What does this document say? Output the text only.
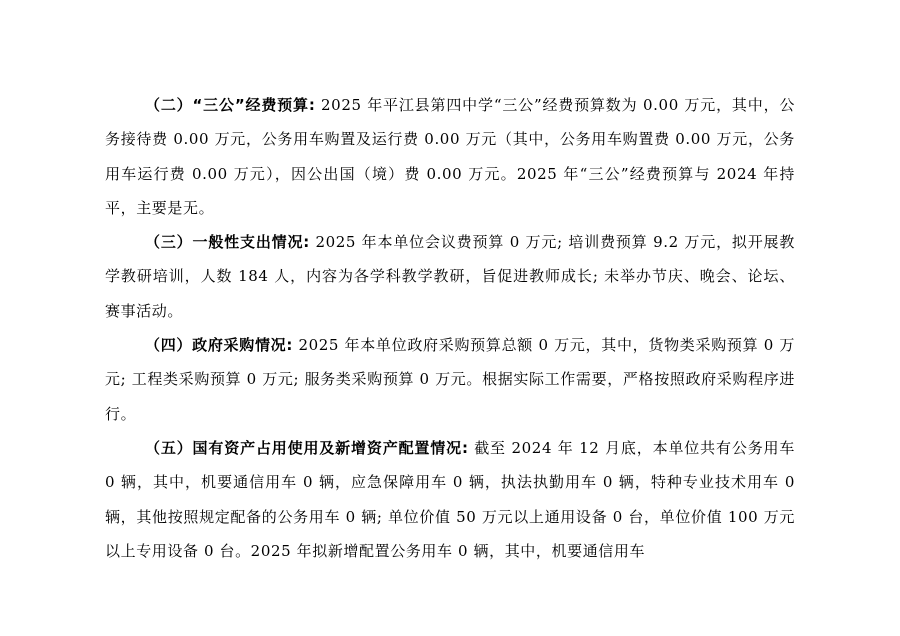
（二）“三公”经费预算: 2025 年平江县第四中学“三公”经费预算数为 0.00 万元，其中，公务接待费 0.00 万元，公务用车购置及运行费 0.00 万元（其中，公务用车购置费 0.00 万元，公务用车运行费 0.00 万元），因公出国（境）费 0.00 万元。2025 年“三公”经费预算与 2024 年持平，主要是无。

（三）一般性支出情况: 2025 年本单位会议费预算 0 万元; 培训费预算 9.2 万元，拟开展教学教研培训，人数 184 人，内容为各学科教学教研，旨促进教师成长; 未举办节庆、晚会、论坛、赛事活动。

（四）政府采购情况: 2025 年本单位政府采购预算总额 0 万元，其中，货物类采购预算 0 万元; 工程类采购预算 0 万元; 服务类采购预算 0 万元。根据实际工作需要，严格按照政府采购程序进行。

（五）国有资产占用使用及新增资产配置情况: 截至 2024 年 12 月底，本单位共有公务用车 0 辆，其中，机要通信用车 0 辆，应急保障用车 0 辆，执法执勤用车 0 辆，特种专业技术用车 0 辆，其他按照规定配备的公务用车 0 辆; 单位价值 50 万元以上通用设备 0 台，单位价值 100 万元以上专用设备 0 台。2025 年拟新增配置公务用车 0 辆，其中，机要通信用车
